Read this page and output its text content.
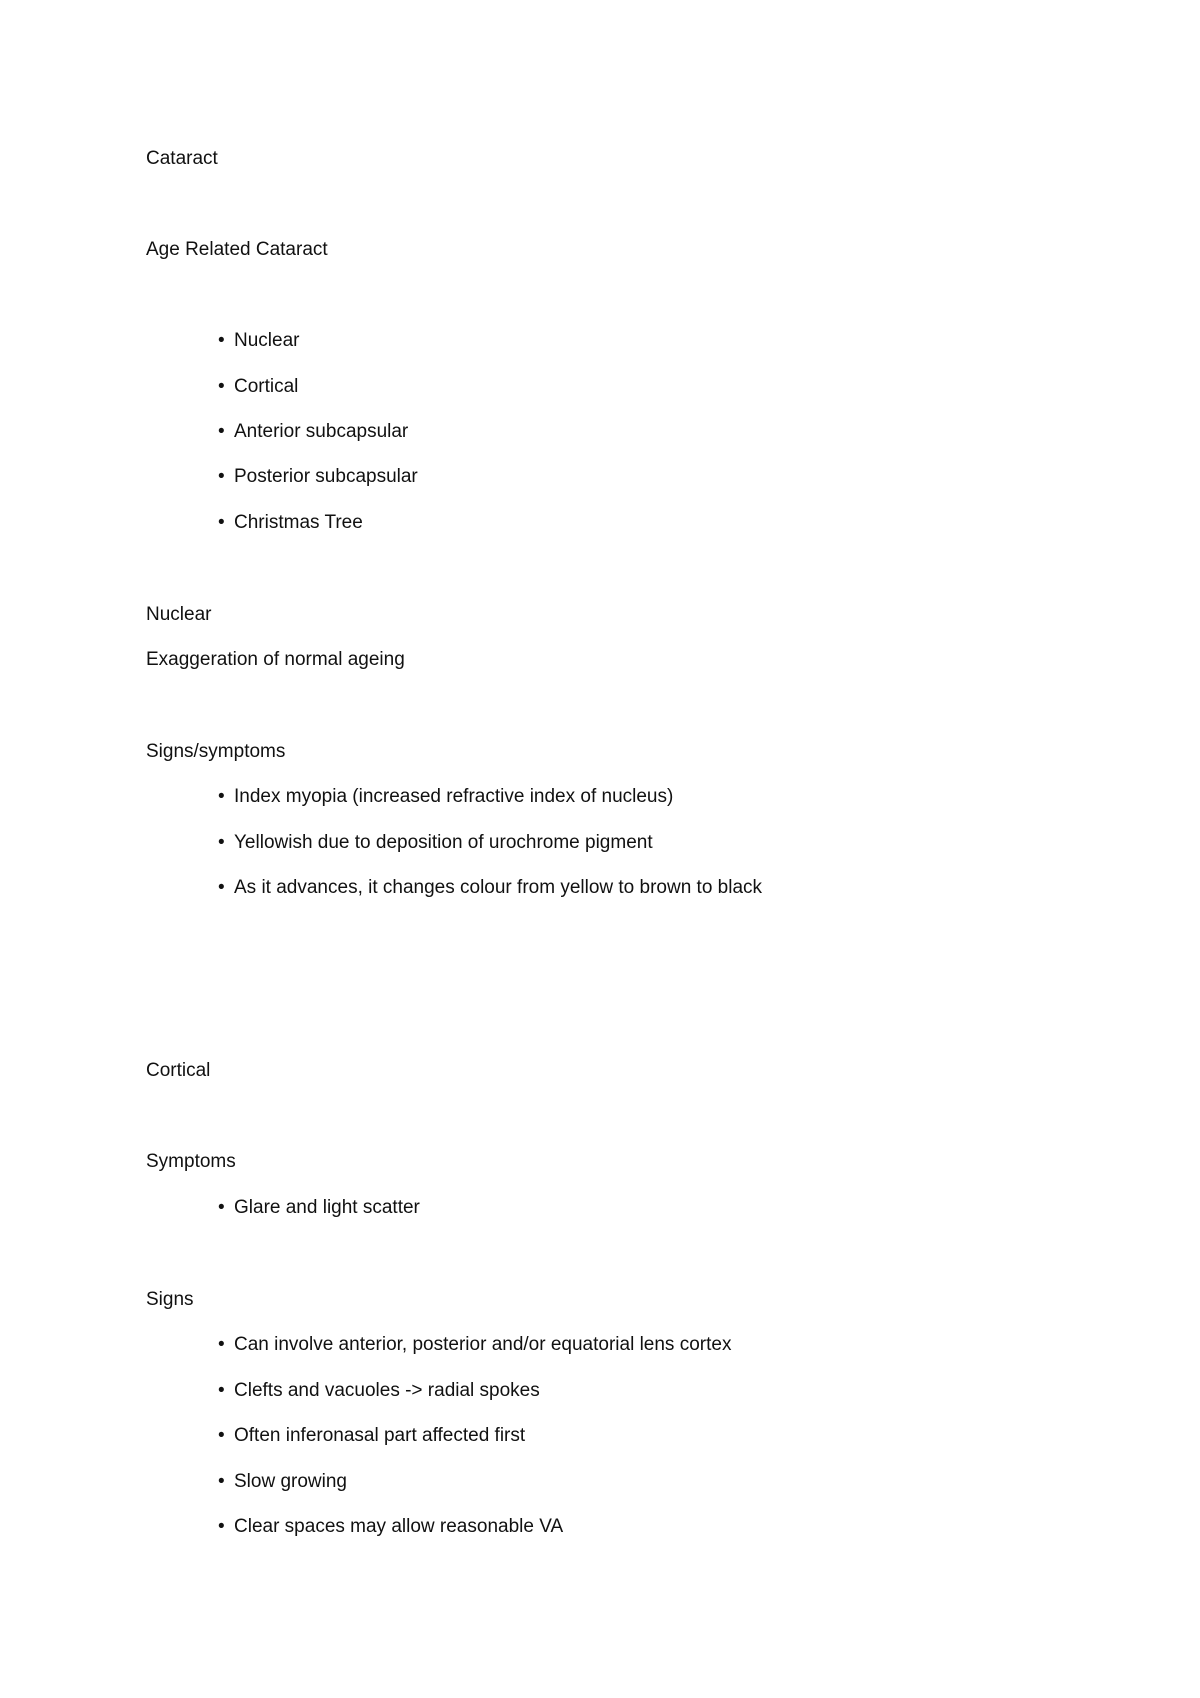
Cataract
Age Related Cataract
• Nuclear
• Cortical
• Anterior subcapsular
• Posterior subcapsular
• Christmas Tree
Nuclear
Exaggeration of normal ageing
Signs/symptoms
• Index myopia (increased refractive index of nucleus)
• Yellowish due to deposition of urochrome pigment
• As it advances, it changes colour from yellow to brown to black
Cortical
Symptoms
• Glare and light scatter
Signs
• Can involve anterior, posterior and/or equatorial lens cortex
• Clefts and vacuoles -> radial spokes
• Often inferonasal part affected first
• Slow growing
• Clear spaces may allow reasonable VA
